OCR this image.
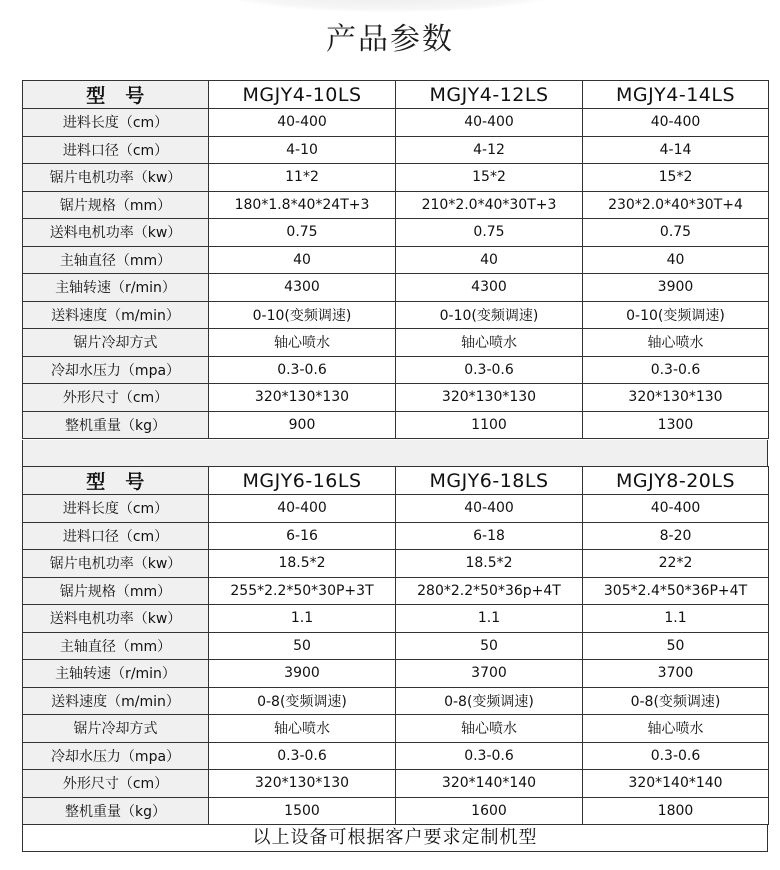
产品参数
型　号	MGJY4-10LS	MGJY4-12LS	MGJY4-14LS
进料长度（cm）	40-400	40-400	40-400
进料口径（cm）	4-10	4-12	4-14
锯片电机功率（kw）	11*2	15*2	15*2
锯片规格（mm）	180*1.8*40*24T+3	210*2.0*40*30T+3	230*2.0*40*30T+4
送料电机功率（kw）	0.75	0.75	0.75
主轴直径（mm）	40	40	40
主轴转速（r/min）	4300	4300	3900
送料速度（m/min）	0-10(变频调速)	0-10(变频调速)	0-10(变频调速)
锯片冷却方式	轴心喷水	轴心喷水	轴心喷水
冷却水压力（mpa）	0.3-0.6	0.3-0.6	0.3-0.6
外形尺寸（cm）	320*130*130	320*130*130	320*130*130
整机重量（kg）	900	1100	1300
型　号	MGJY6-16LS	MGJY6-18LS	MGJY8-20LS
进料长度（cm）	40-400	40-400	40-400
进料口径（cm）	6-16	6-18	8-20
锯片电机功率（kw）	18.5*2	18.5*2	22*2
锯片规格（mm）	255*2.2*50*30P+3T	280*2.2*50*36p+4T	305*2.4*50*36P+4T
送料电机功率（kw）	1.1	1.1	1.1
主轴直径（mm）	50	50	50
主轴转速（r/min）	3900	3700	3700
送料速度（m/min）	0-8(变频调速)	0-8(变频调速)	0-8(变频调速)
锯片冷却方式	轴心喷水	轴心喷水	轴心喷水
冷却水压力（mpa）	0.3-0.6	0.3-0.6	0.3-0.6
外形尺寸（cm）	320*130*130	320*140*140	320*140*140
整机重量（kg）	1500	1600	1800
以上设备可根据客户要求定制机型
